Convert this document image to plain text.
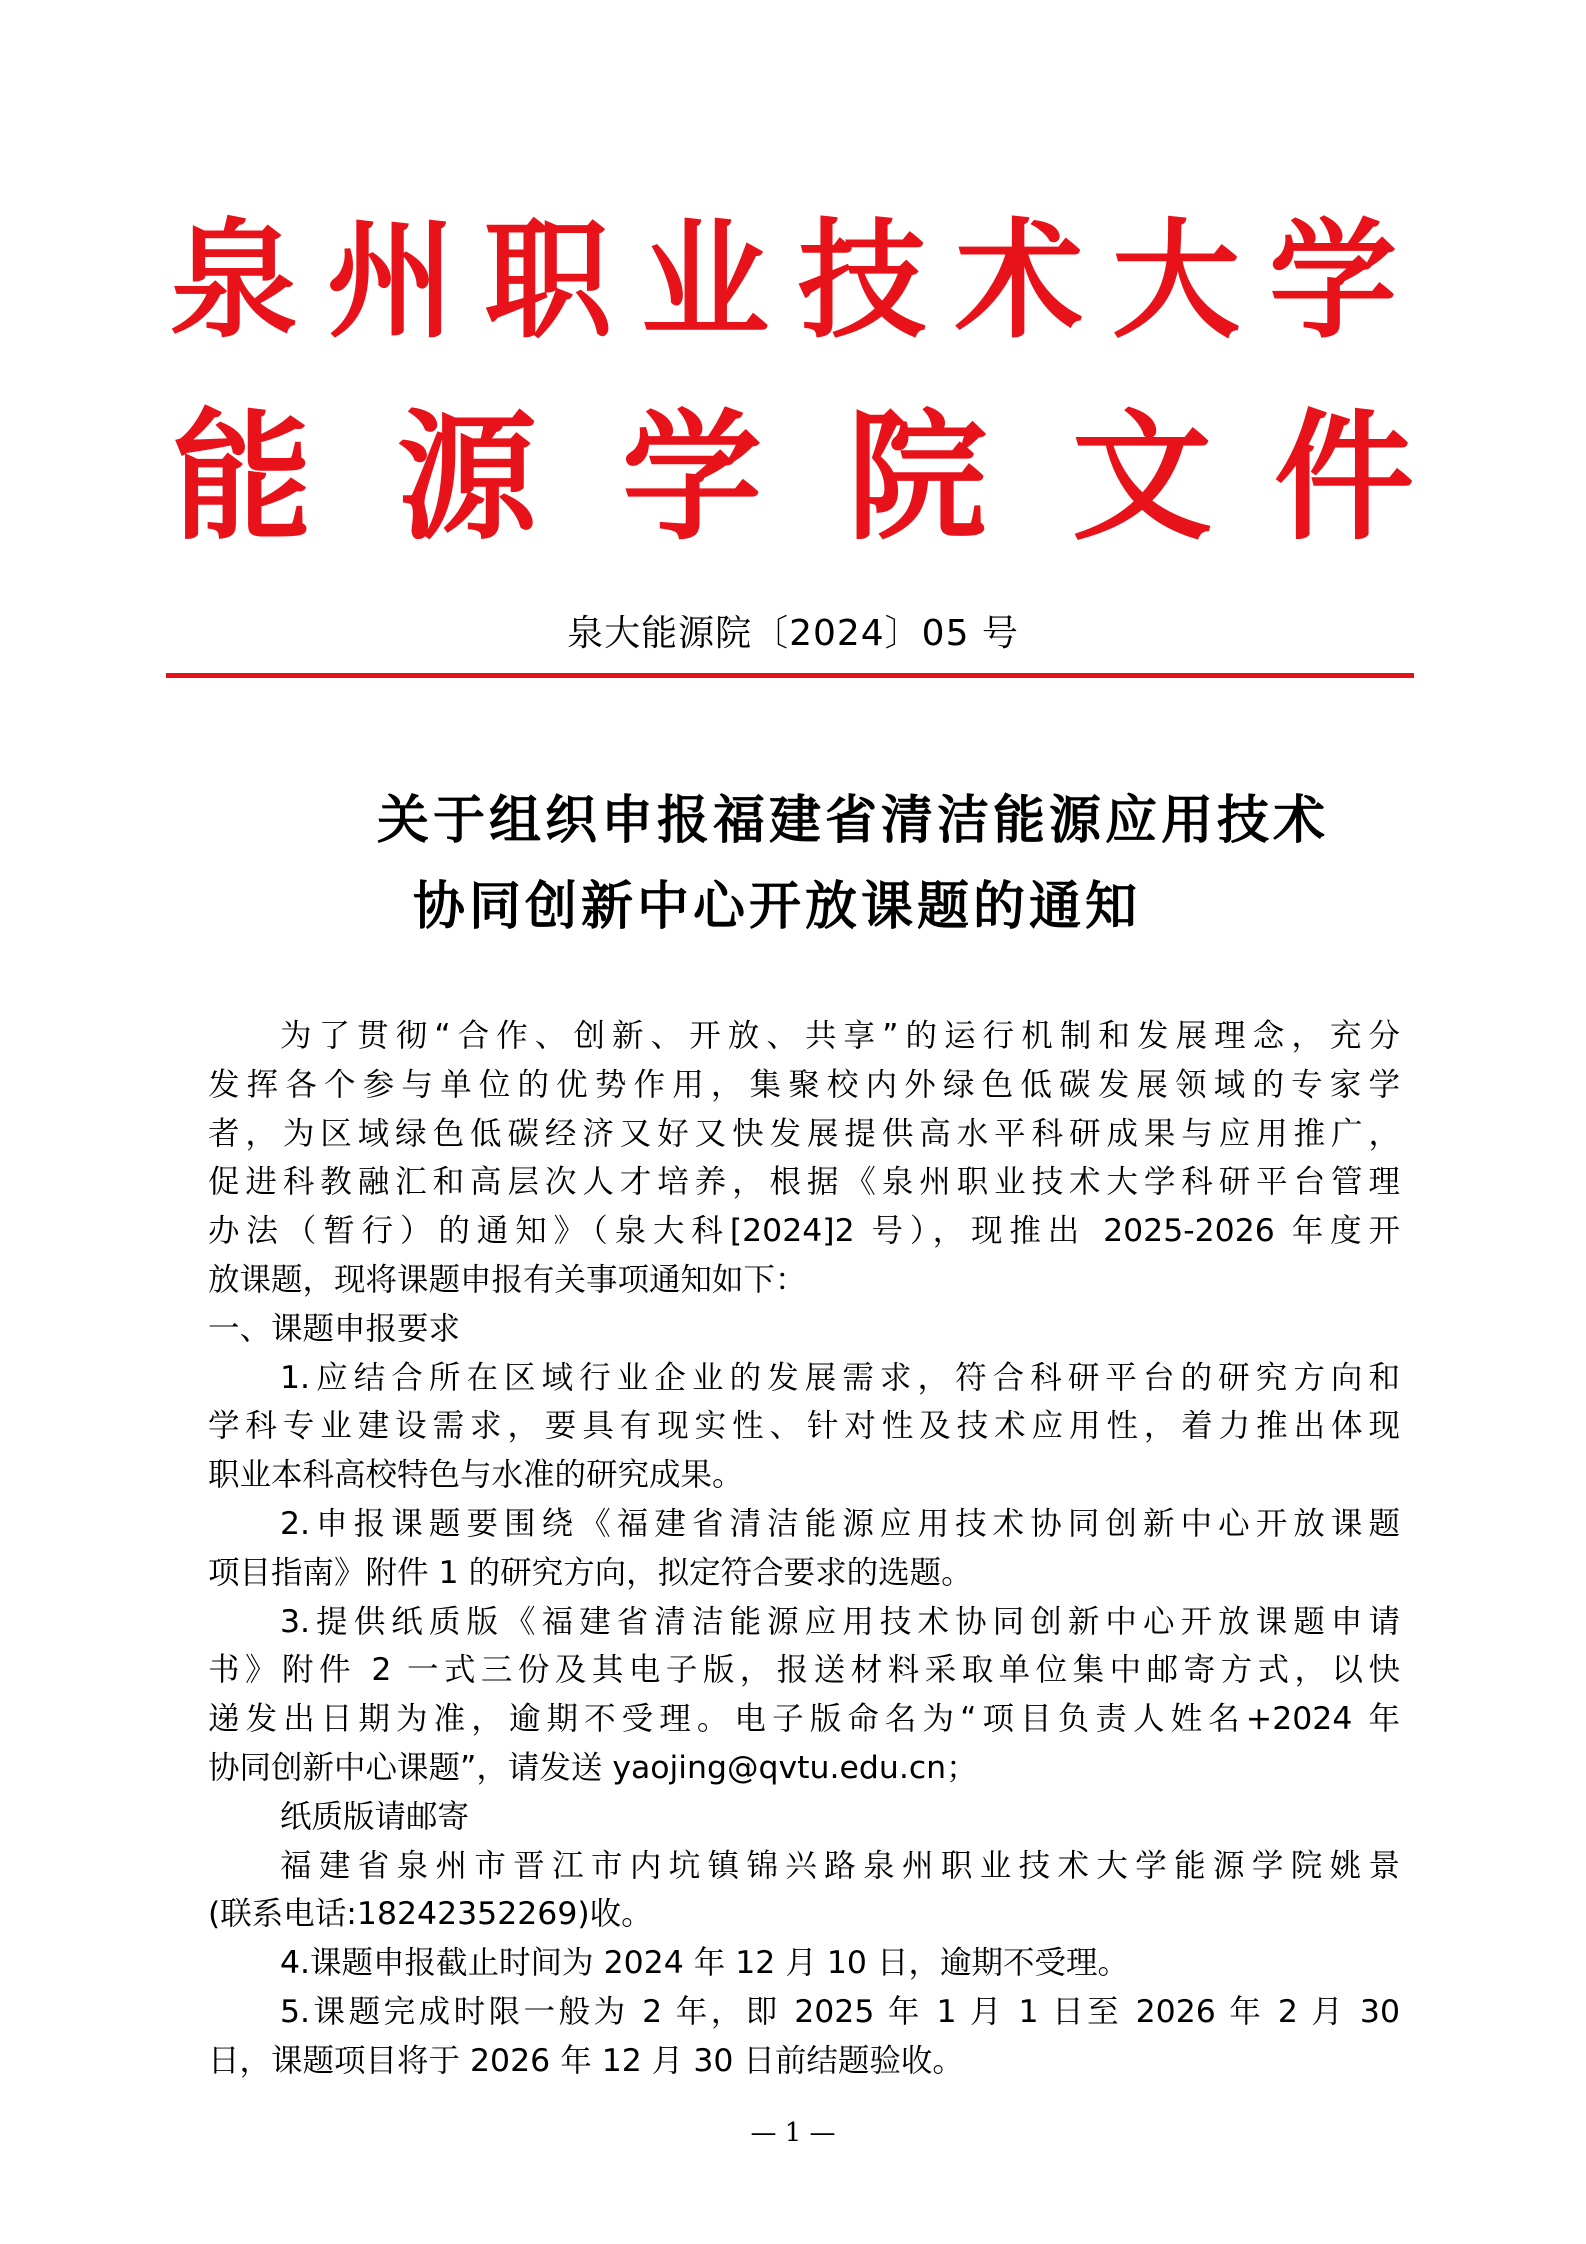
泉 州 职 业 技 术 大 学
能 源 学 院 文 件
泉大能源院〔2024〕05 号
关于组织申报福建省清洁能源应用技术
协同创新中心开放课题的通知
为了贯彻“合作、创新、开放、共享”的运行机制和发展理念，充分
发挥各个参与单位的优势作用，集聚校内外绿色低碳发展领域的专家学
者，为区域绿色低碳经济又好又快发展提供高水平科研成果与应用推广，
促进科教融汇和高层次人才培养，根据《泉州职业技术大学科研平台管理
办法（暂行）的通知》（泉大科[2024]2 号），现推出 2025-2026 年度开
放课题，现将课题申报有关事项通知如下：
一、课题申报要求
1.应结合所在区域行业企业的发展需求，符合科研平台的研究方向和
学科专业建设需求，要具有现实性、针对性及技术应用性，着力推出体现
职业本科高校特色与水准的研究成果。
2.申报课题要围绕《福建省清洁能源应用技术协同创新中心开放课题
项目指南》附件 1 的研究方向，拟定符合要求的选题。
3.提供纸质版《福建省清洁能源应用技术协同创新中心开放课题申请
书》附件 2 一式三份及其电子版，报送材料采取单位集中邮寄方式，以快
递发出日期为准，逾期不受理。电子版命名为“项目负责人姓名+2024 年
协同创新中心课题”，请发送 yaojing@qvtu.edu.cn；
纸质版请邮寄
福建省泉州市晋江市内坑镇锦兴路泉州职业技术大学能源学院姚景
(联系电话:18242352269)收。
4.课题申报截止时间为 2024 年 12 月 10 日，逾期不受理。
5.课题完成时限一般为 2 年，即 2025 年 1 月 1 日至 2026 年 2 月 30
日，课题项目将于 2026 年 12 月 30 日前结题验收。
— 1 —
